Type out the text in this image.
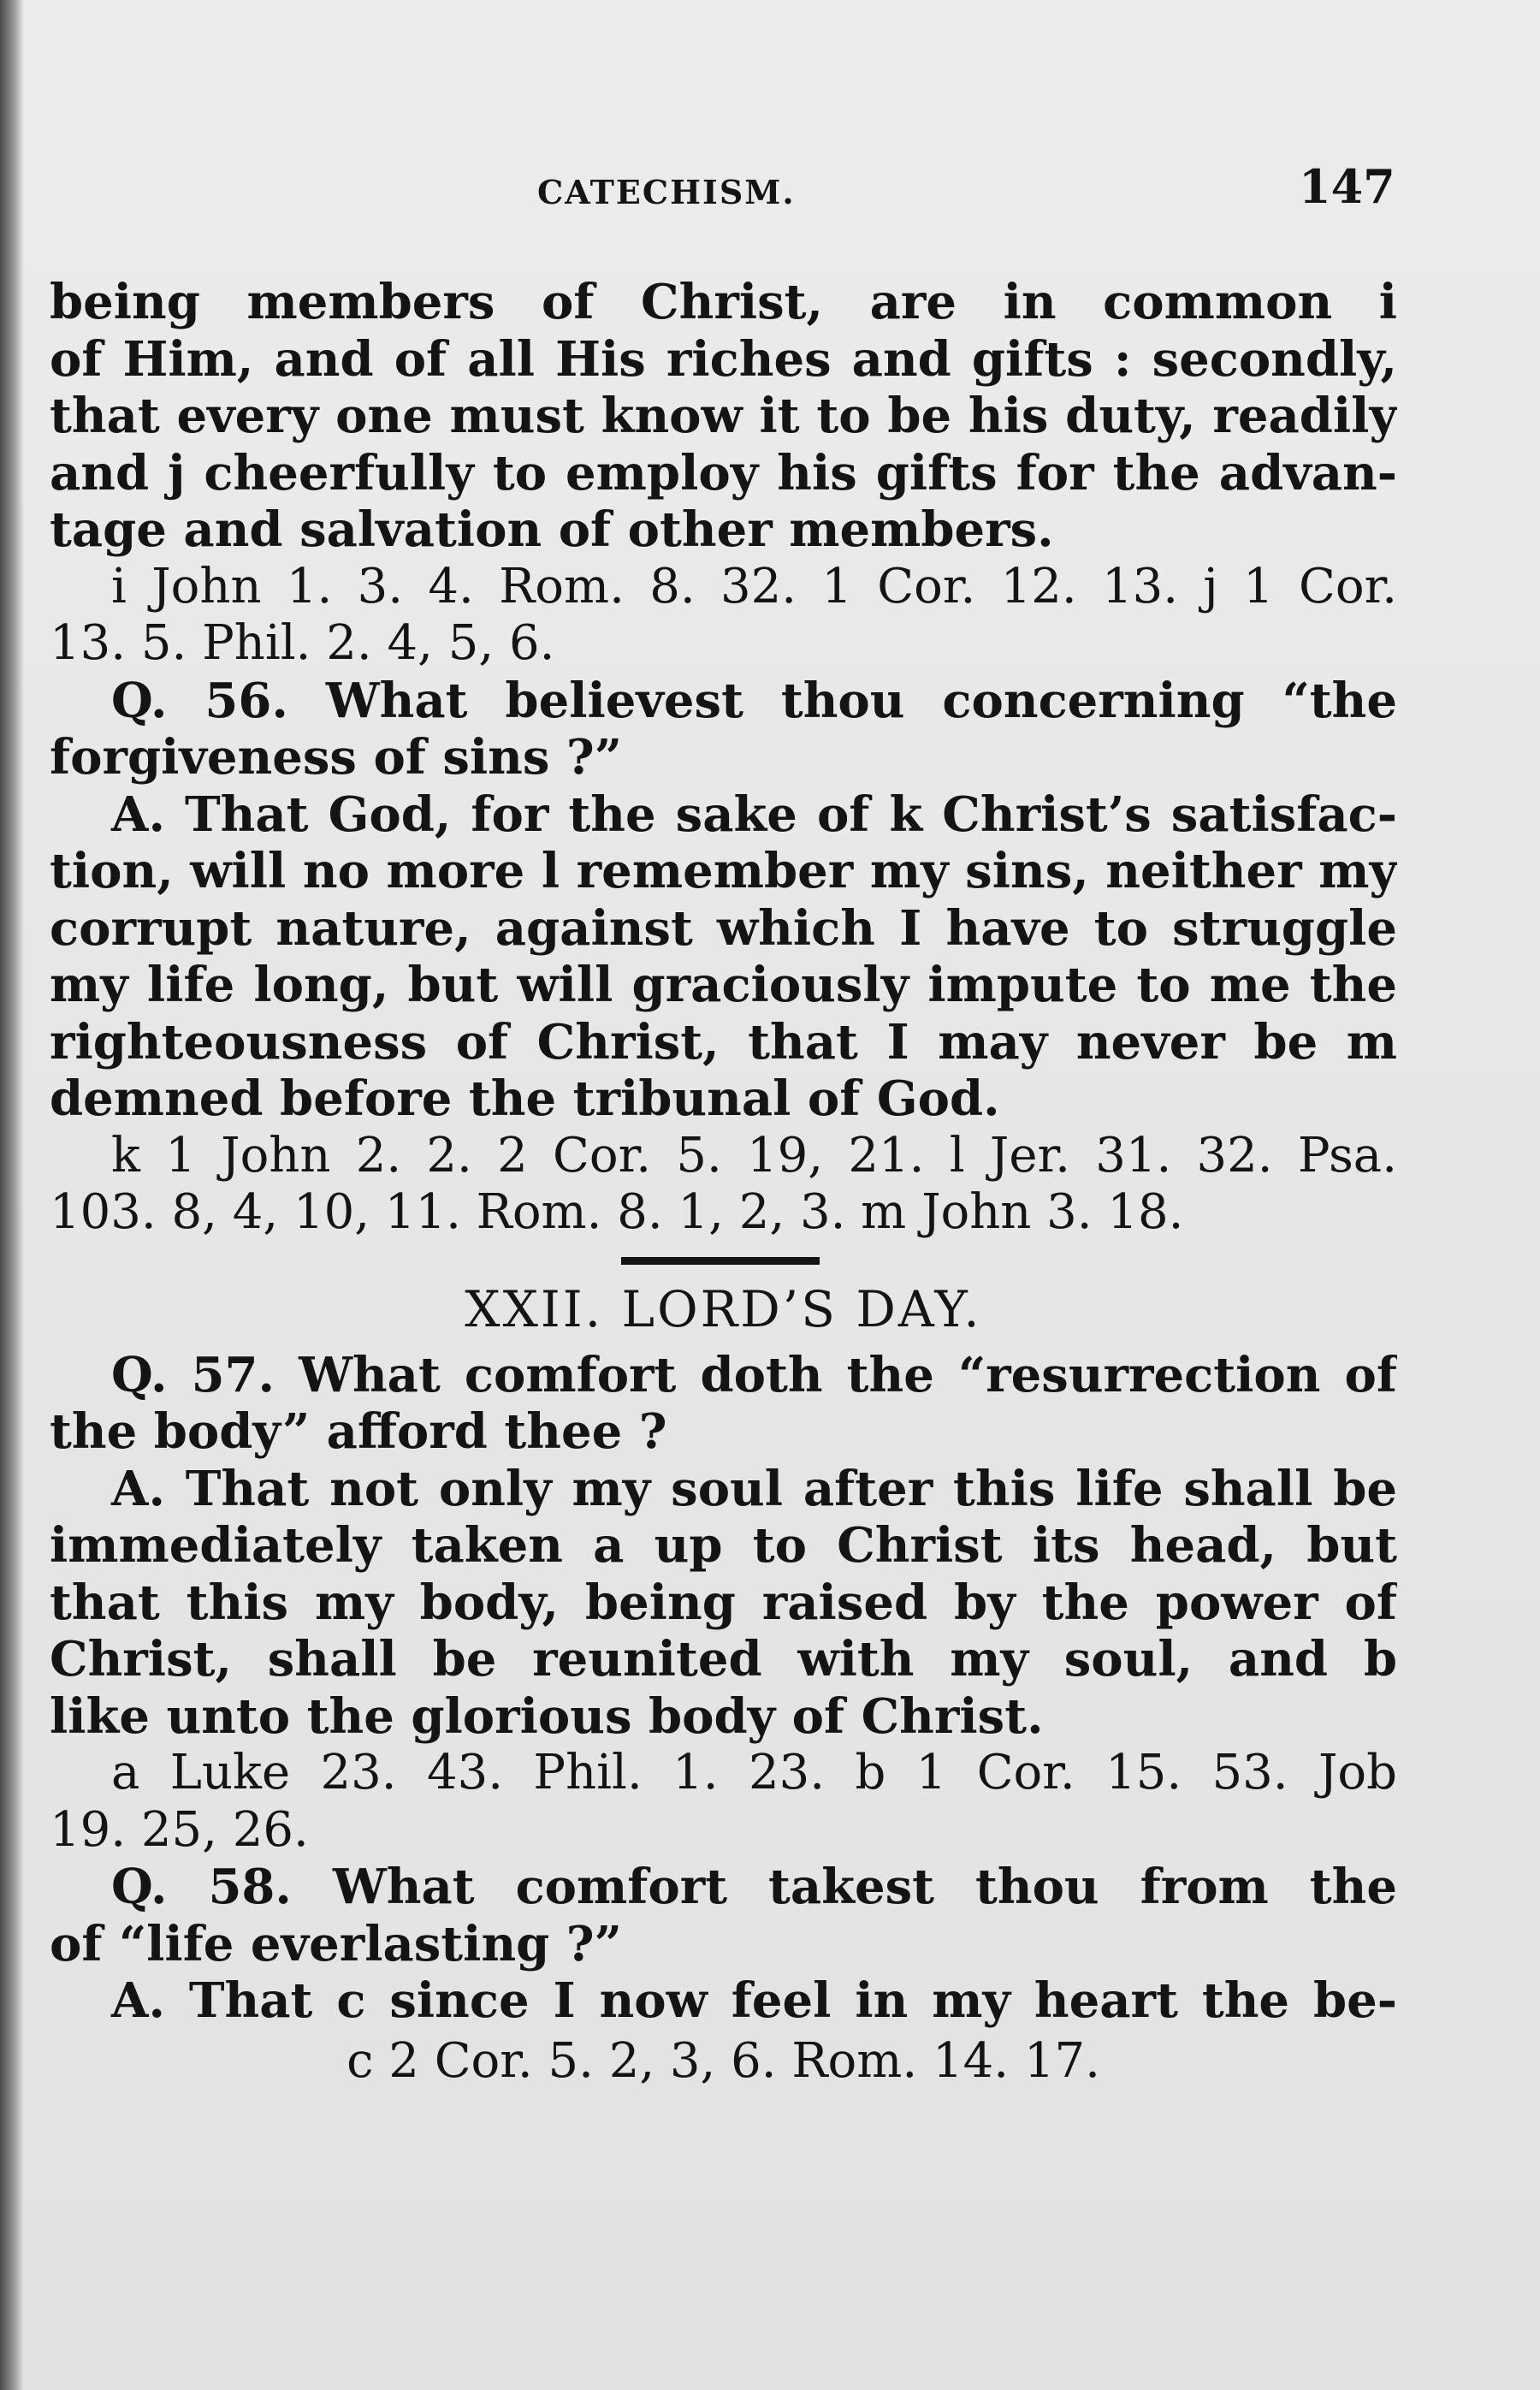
CATECHISM.	147
being members of Christ, are in common i
of Him, and of all His riches and gifts : secondly,
that every one must know it to be his duty, readily
and j cheerfully to employ his gifts for the advan-
tage and salvation of other members.
i John 1. 3. 4. Rom. 8. 32. 1 Cor. 12. 13. j 1 Cor.
13. 5. Phil. 2. 4, 5, 6.
Q. 56. What believest thou concerning “the
forgiveness of sins ?”
A. That God, for the sake of k Christ’s satisfac-
tion, will no more l remember my sins, neither my
corrupt nature, against which I have to struggle
my life long, but will graciously impute to me the
righteousness of Christ, that I may never be m
demned before the tribunal of God.
k 1 John 2. 2. 2 Cor. 5. 19, 21. l Jer. 31. 32. Psa.
103. 8, 4, 10, 11. Rom. 8. 1, 2, 3. m John 3. 18.
XXII. LORD’S DAY.
Q. 57. What comfort doth the “resurrection of
the body” afford thee ?
A. That not only my soul after this life shall be
immediately taken a up to Christ its head, but
that this my body, being raised by the power of
Christ, shall be reunited with my soul, and b
like unto the glorious body of Christ.
a Luke 23. 43. Phil. 1. 23. b 1 Cor. 15. 53. Job
19. 25, 26.
Q. 58. What comfort takest thou from the
of “life everlasting ?”
A. That c since I now feel in my heart the be-
c 2 Cor. 5. 2, 3, 6. Rom. 14. 17.
